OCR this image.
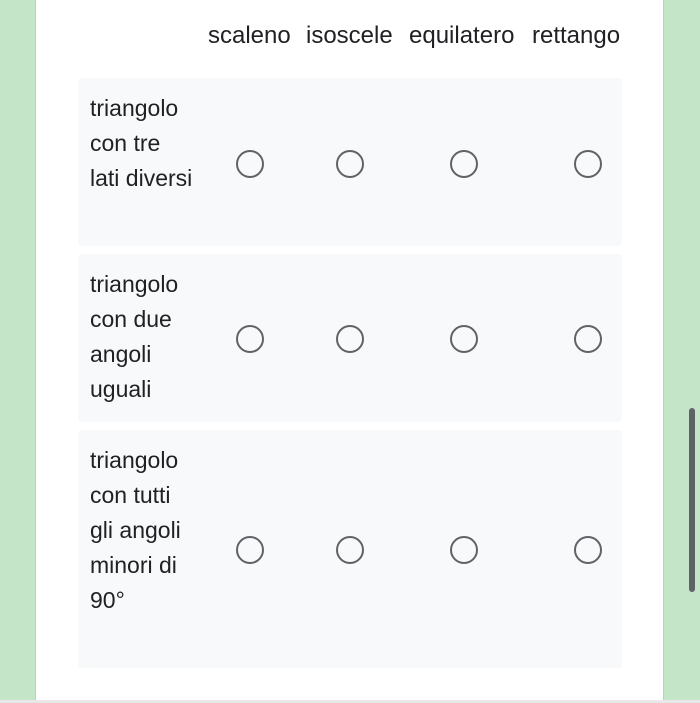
scaleno isoscele equilatero rettango
triangolo con tre lati diversi
triangolo con due angoli uguali
triangolo con tutti gli angoli minori di 90°
